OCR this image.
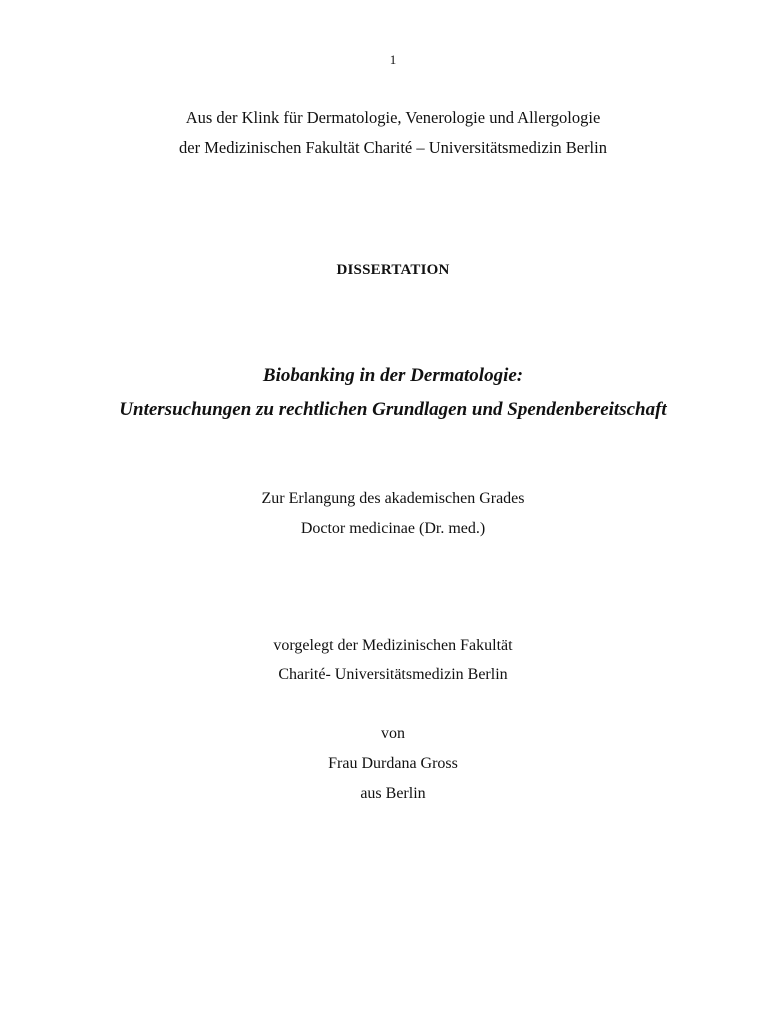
1
Aus der Klink für Dermatologie, Venerologie und Allergologie
der Medizinischen Fakultät Charité – Universitätsmedizin Berlin
DISSERTATION
Biobanking in der Dermatologie:
Untersuchungen zu rechtlichen Grundlagen und Spendenbereitschaft
Zur Erlangung des akademischen Grades
Doctor medicinae (Dr. med.)
vorgelegt der Medizinischen Fakultät
Charité- Universitätsmedizin Berlin
von
Frau Durdana Gross
aus Berlin
